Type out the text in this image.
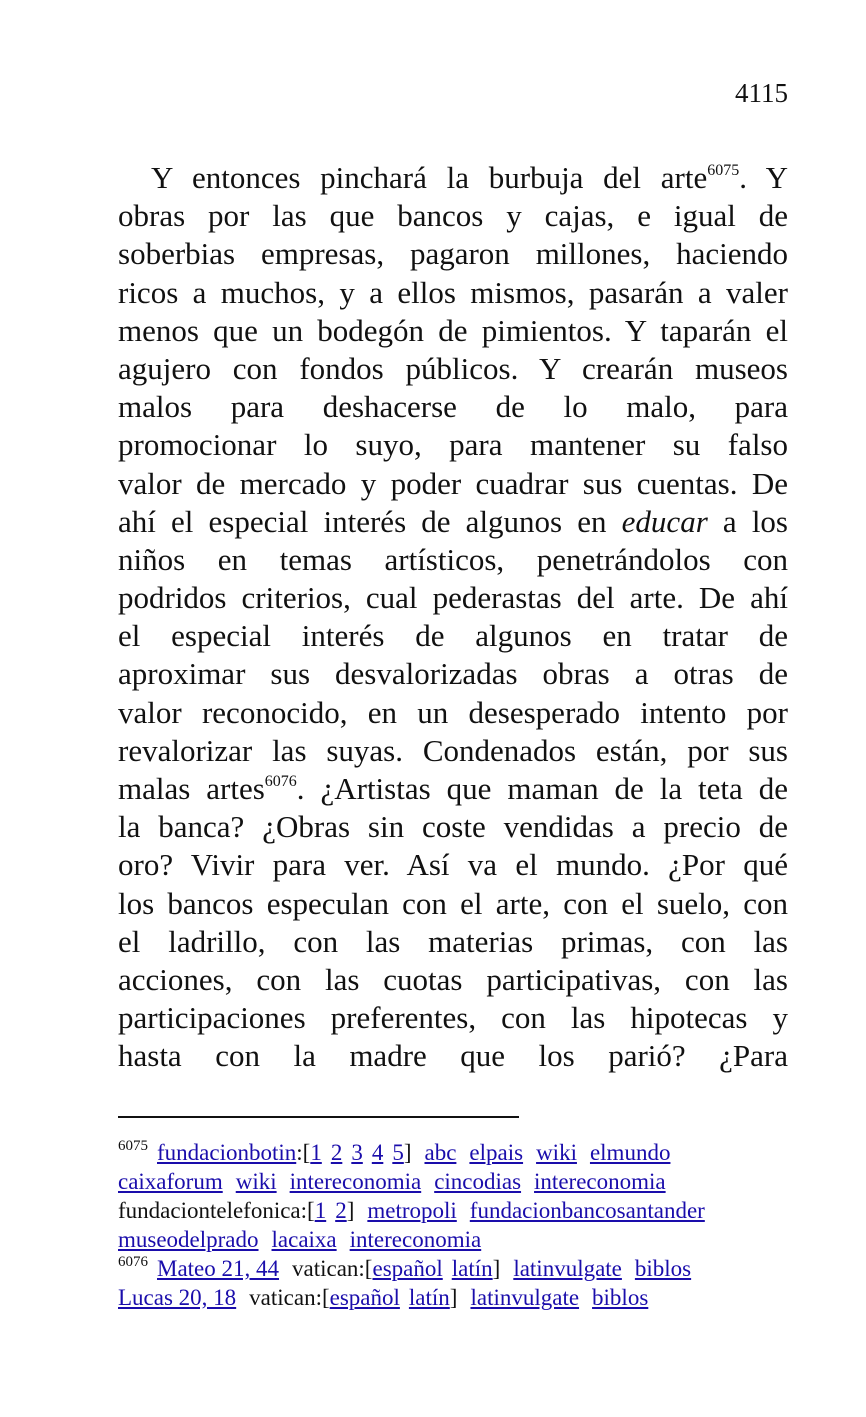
4115
Y entonces pinchará la burbuja del arte$^{6075}$. Y
obras por las que bancos y cajas, e igual de
soberbias empresas, pagaron millones, haciendo
ricos a muchos, y a ellos mismos, pasarán a valer
menos que un bodegón de pimientos. Y taparán el
agujero con fondos públicos. Y crearán museos
malos para deshacerse de lo malo, para
promocionar lo suyo, para mantener su falso
valor de mercado y poder cuadrar sus cuentas. De
ahí el especial interés de algunos en educar a los
niños en temas artísticos, penetrándolos con
podridos criterios, cual pederastas del arte. De ahí
el especial interés de algunos en tratar de
aproximar sus desvalorizadas obras a otras de
valor reconocido, en un desesperado intento por
revalorizar las suyas. Condenados están, por sus
malas artes$^{6076}$. ¿Artistas que maman de la teta de
la banca? ¿Obras sin coste vendidas a precio de
oro? Vivir para ver. Así va el mundo. ¿Por qué
los bancos especulan con el arte, con el suelo, con
el ladrillo, con las materias primas, con las
acciones, con las cuotas participativas, con las
participaciones preferentes, con las hipotecas y
hasta con la madre que los parió? ¿Para
$^{6075}$ fundacionbotin:[1 2 3 4 5] abc elpais wiki elmundo
caixaforum wiki intereconomia cincodias intereconomia
fundaciontelefonica:[1 2] metropoli fundacionbancosantander
museodelprado lacaixa intereconomia
$^{6076}$ Mateo 21, 44 vatican:[español latín] latinvulgate biblos
Lucas 20, 18 vatican:[español latín] latinvulgate biblos
